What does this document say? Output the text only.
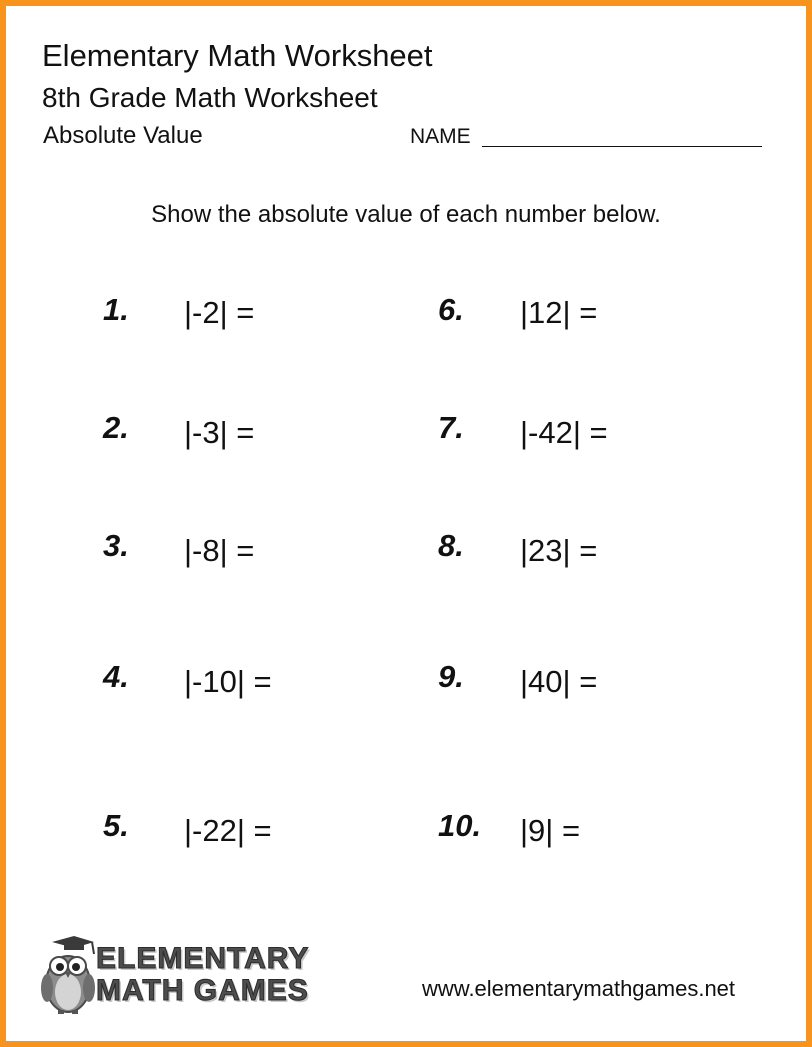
Elementary Math Worksheet
8th Grade Math Worksheet
Absolute Value	NAME
Show the absolute value of each number below.
1. |-2| =
2. |-3| =
3. |-8| =
4. |-10| =
5. |-22| =
6. |12| =
7. |-42| =
8. |23| =
9. |40| =
10. |9| =
ELEMENTARY
MATH GAMES	www.elementarymathgames.net
